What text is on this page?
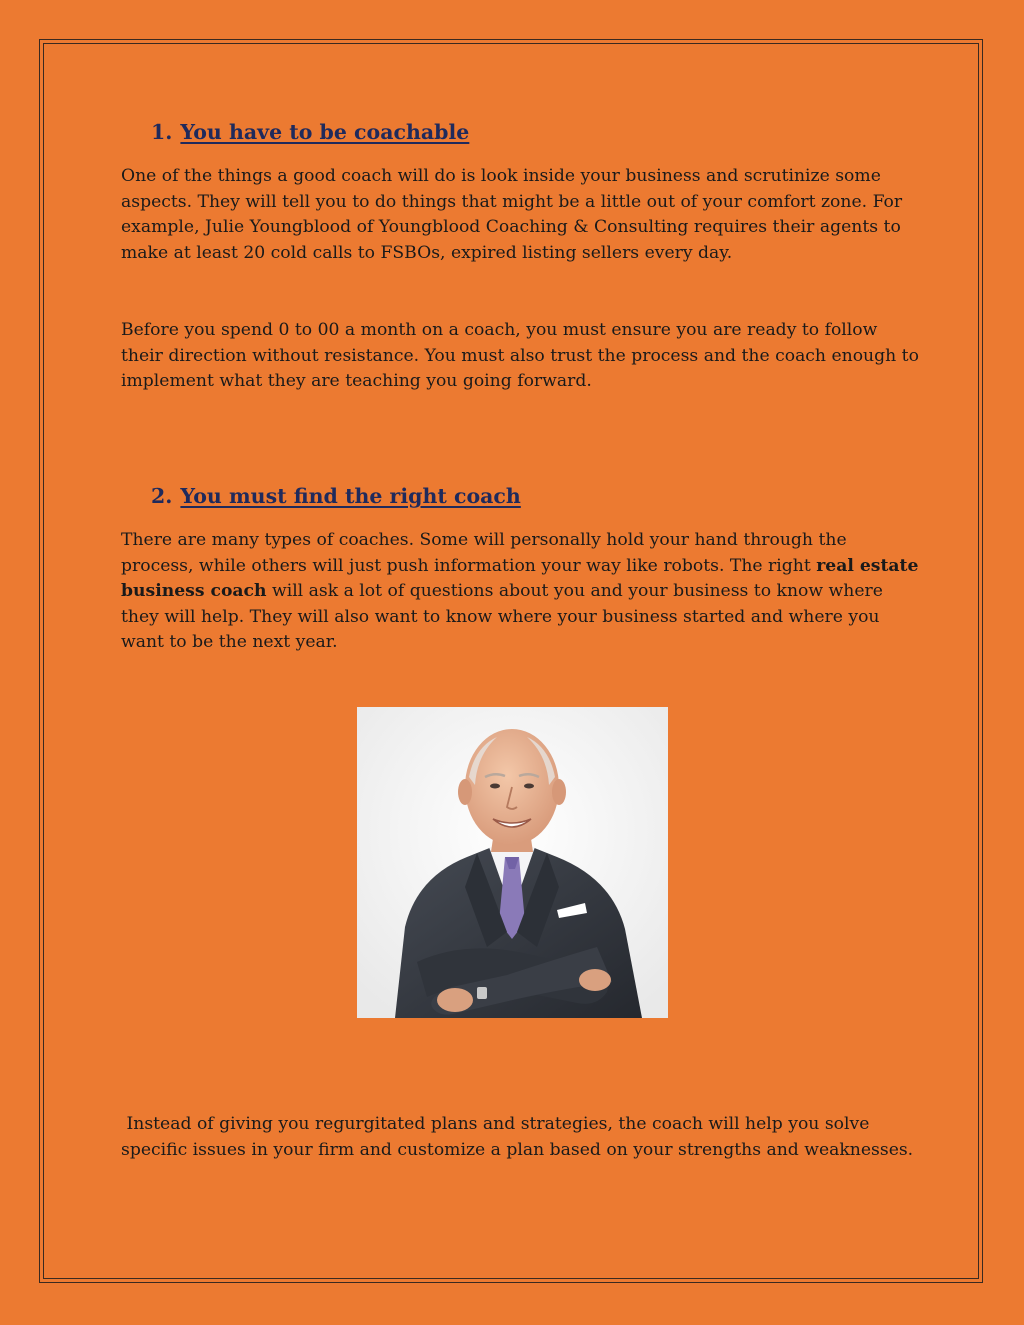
1. You have to be coachable

One of the things a good coach will do is look inside your business and scrutinize some aspects. They will tell you to do things that might be a little out of your comfort zone. For example, Julie Youngblood of Youngblood Coaching & Consulting requires their agents to make at least 20 cold calls to FSBOs, expired listing sellers every day.

Before you spend 0 to 00 a month on a coach, you must ensure you are ready to follow their direction without resistance. You must also trust the process and the coach enough to implement what they are teaching you going forward.

2. You must find the right coach

There are many types of coaches. Some will personally hold your hand through the process, while others will just push information your way like robots. The right real estate business coach will ask a lot of questions about you and your business to know where they will help. They will also want to know where your business started and where you want to be the next year.

Instead of giving you regurgitated plans and strategies, the coach will help you solve specific issues in your firm and customize a plan based on your strengths and weaknesses.
